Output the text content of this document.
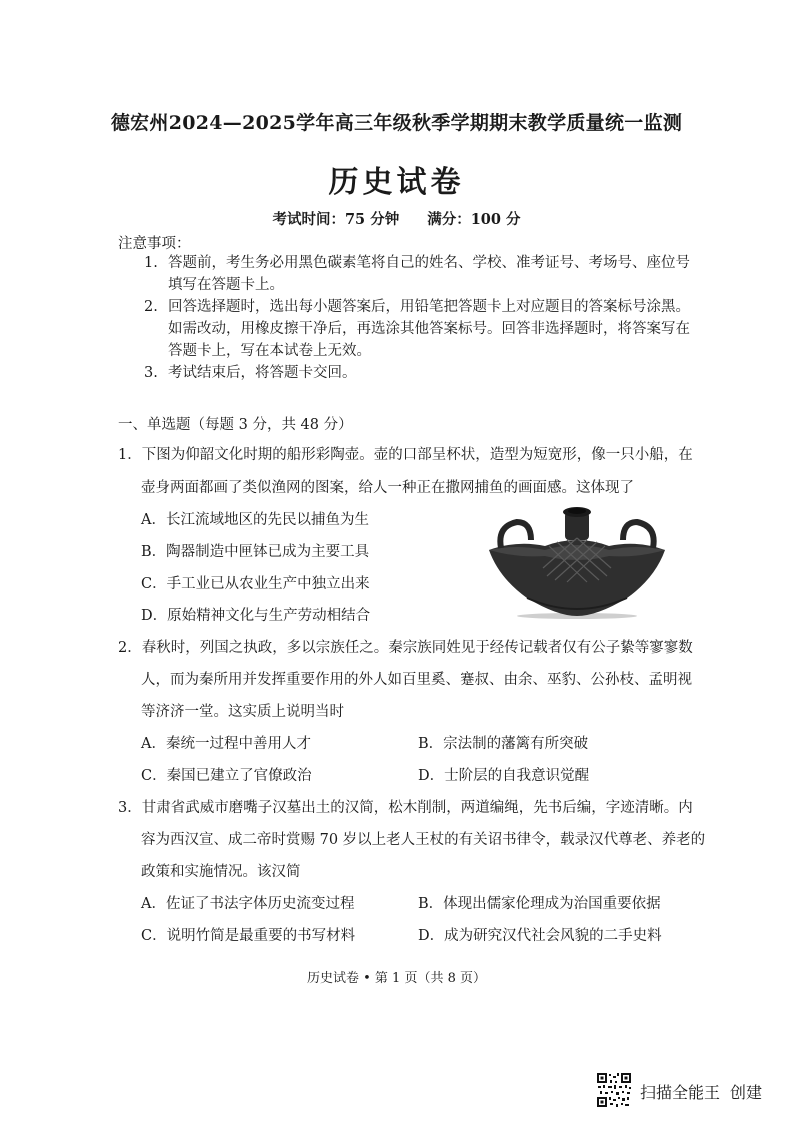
德宏州2024—2025学年高三年级秋季学期期末教学质量统一监测
历史试卷
考试时间：75 分钟 满分：100 分
注意事项：
1. 答题前，考生务必用黑色碳素笔将自己的姓名、学校、准考证号、考场号、座位号
填写在答题卡上。
2. 回答选择题时，选出每小题答案后，用铅笔把答题卡上对应题目的答案标号涂黑。
如需改动，用橡皮擦干净后，再选涂其他答案标号。回答非选择题时，将答案写在
答题卡上，写在本试卷上无效。
3. 考试结束后，将答题卡交回。
一、单选题（每题 3 分，共 48 分）
1．下图为仰韶文化时期的船形彩陶壶。壶的口部呈杯状，造型为短宽形，像一只小船，在
壶身两面都画了类似渔网的图案，给人一种正在撒网捕鱼的画面感。这体现了
A．长江流域地区的先民以捕鱼为生
B．陶器制造中匣钵已成为主要工具
C．手工业已从农业生产中独立出来
D．原始精神文化与生产劳动相结合
2．春秋时，列国之执政，多以宗族任之。秦宗族同姓见于经传记载者仅有公子絷等寥寥数
人，而为秦所用并发挥重要作用的外人如百里奚、蹇叔、由余、巫豹、公孙枝、孟明视
等济济一堂。这实质上说明当时
A．秦统一过程中善用人才	B．宗法制的藩篱有所突破
C．秦国已建立了官僚政治	D．士阶层的自我意识觉醒
3．甘肃省武威市磨嘴子汉墓出土的汉简，松木削制，两道编绳，先书后编，字迹清晰。内
容为西汉宣、成二帝时赏赐 70 岁以上老人王杖的有关诏书律令，载录汉代尊老、养老的
政策和实施情况。该汉简
A．佐证了书法字体历史流变过程	B．体现出儒家伦理成为治国重要依据
C．说明竹简是最重要的书写材料	D．成为研究汉代社会风貌的二手史料
历史试卷 • 第 1 页（共 8 页）
扫描全能王 创建
